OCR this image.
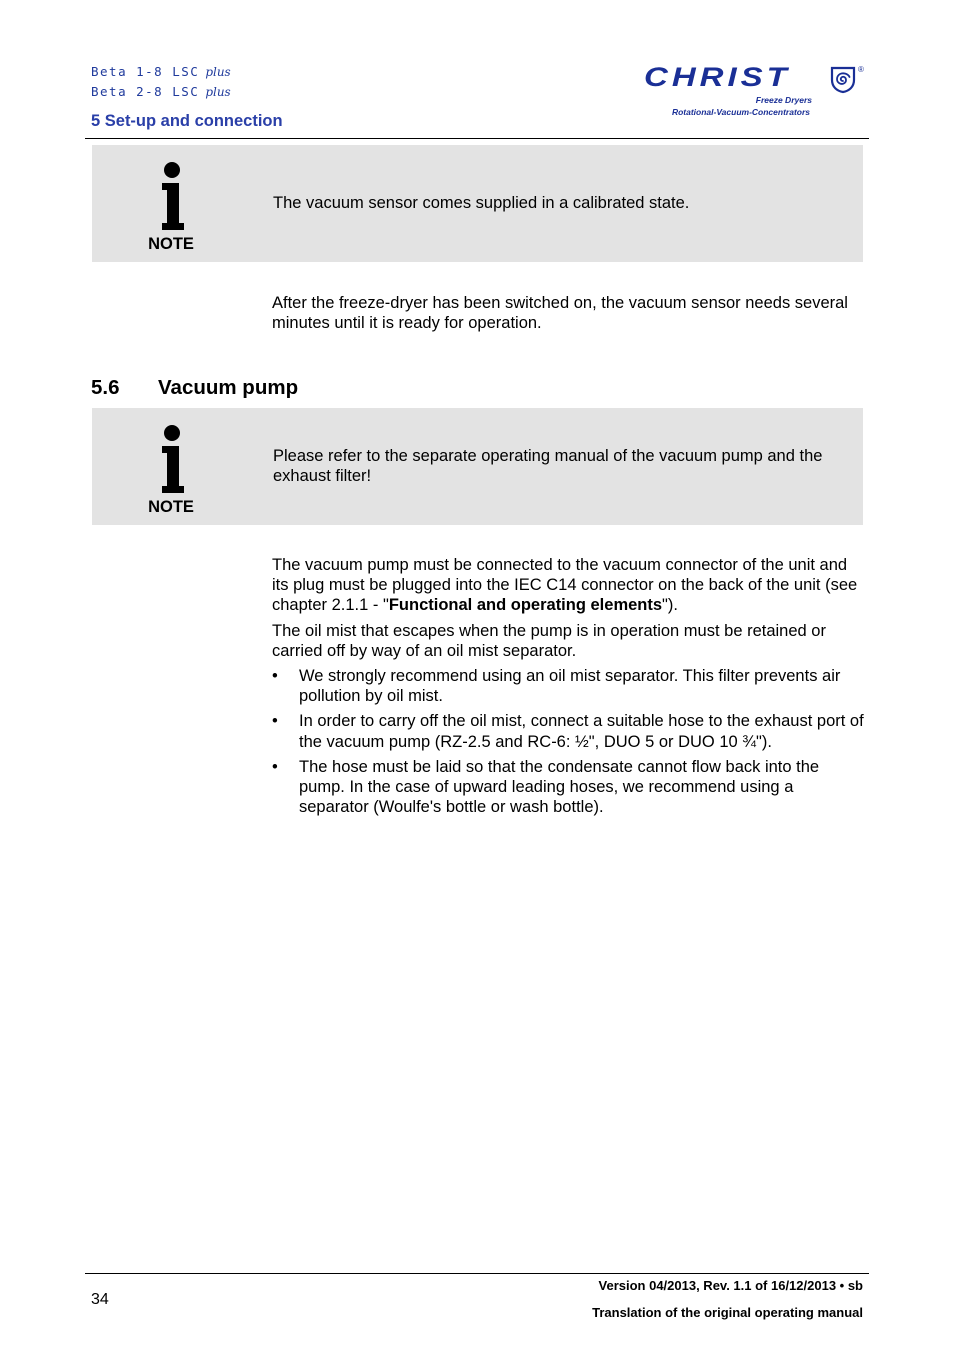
Beta 1-8 LSC plus
Beta 2-8 LSC plus
5 Set-up and connection
CHRIST
Freeze Dryers
Rotational-Vacuum-Concentrators
®
NOTE
The vacuum sensor comes supplied in a calibrated state.
After the freeze-dryer has been switched on, the vacuum sensor needs several minutes until it is ready for operation.
5.6 Vacuum pump
NOTE
Please refer to the separate operating manual of the vacuum pump and the exhaust filter!
The vacuum pump must be connected to the vacuum connector of the unit and its plug must be plugged into the IEC C14 connector on the back of the unit (see chapter 2.1.1 - "Functional and operating elements").
The oil mist that escapes when the pump is in operation must be retained or carried off by way of an oil mist separator.
• We strongly recommend using an oil mist separator. This filter prevents air pollution by oil mist.
• In order to carry off the oil mist, connect a suitable hose to the exhaust port of the vacuum pump (RZ-2.5 and RC-6: ½", DUO 5 or DUO 10 ¾").
• The hose must be laid so that the condensate cannot flow back into the pump. In the case of upward leading hoses, we recommend using a separator (Woulfe's bottle or wash bottle).
34
Version 04/2013, Rev. 1.1 of 16/12/2013 • sb
Translation of the original operating manual
